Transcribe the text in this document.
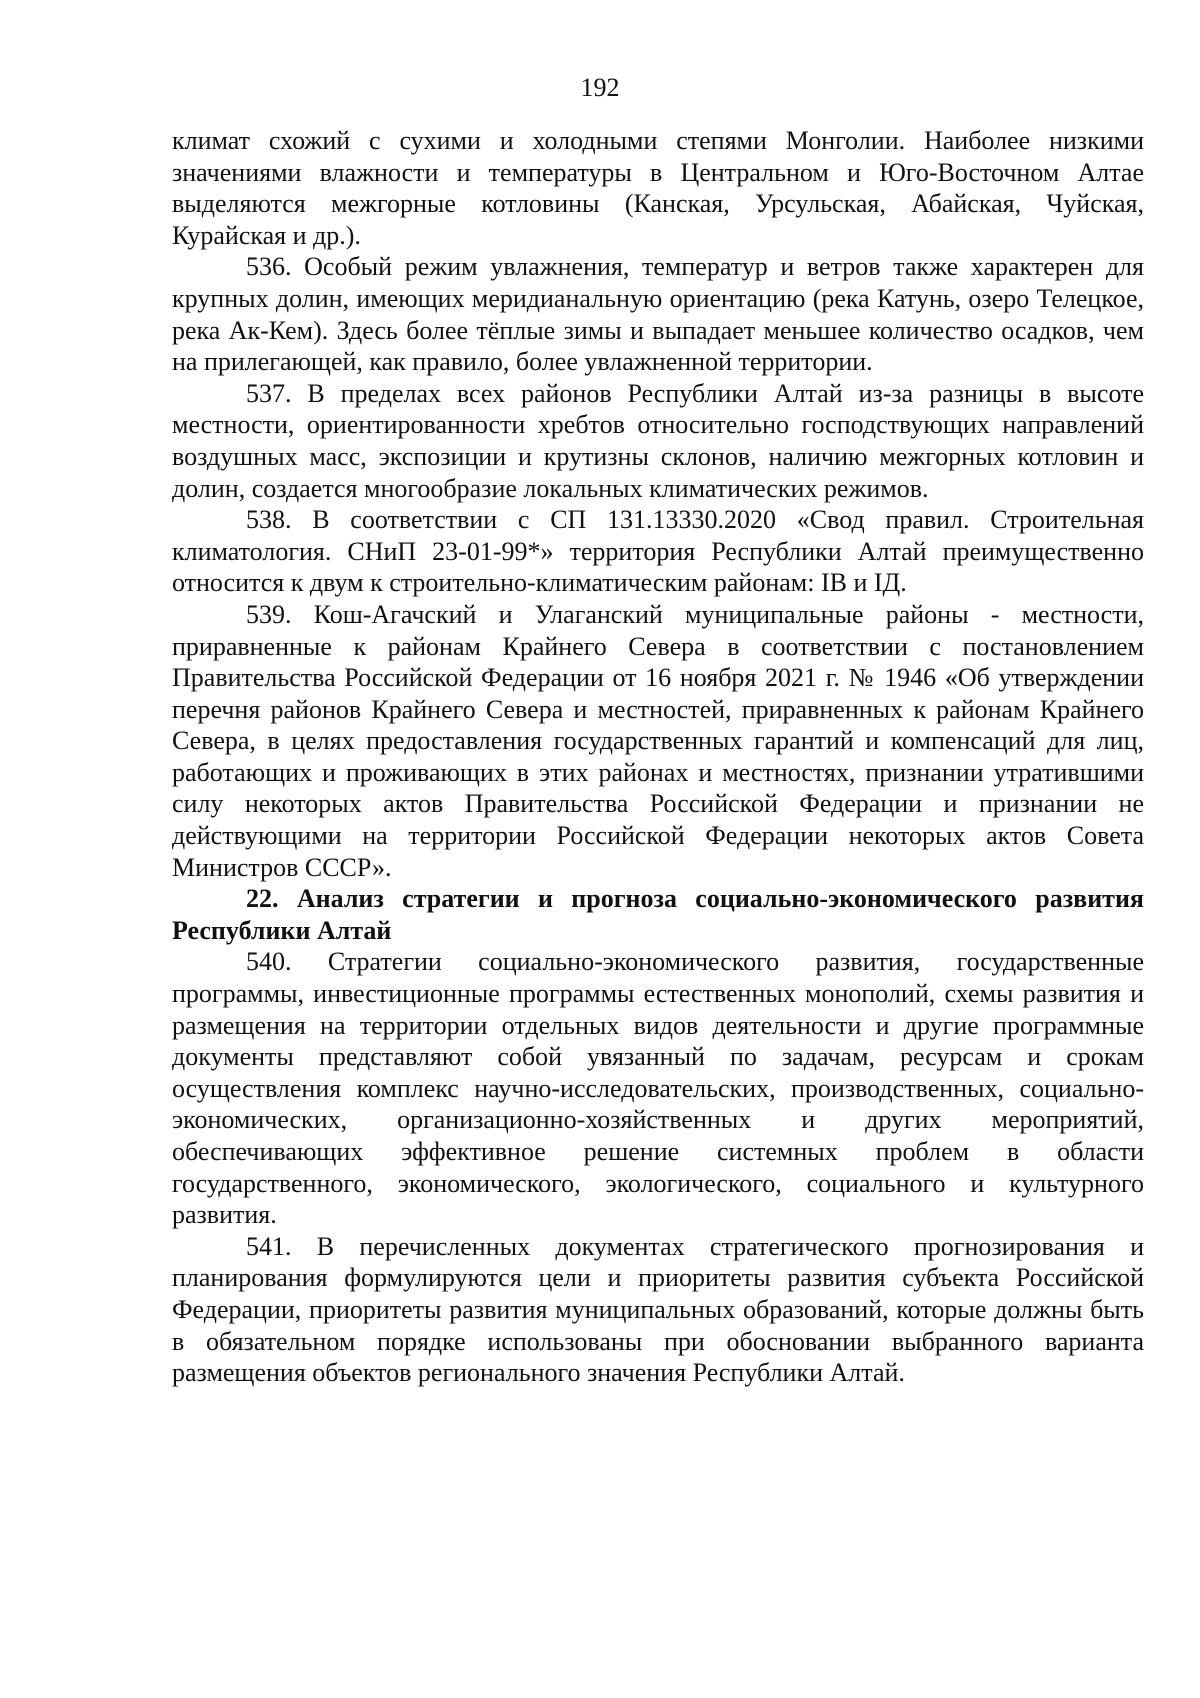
192

климат схожий с сухими и холодными степями Монголии. Наиболее низкими значениями влажности и температуры в Центральном и Юго-Восточном Алтае выделяются межгорные котловины (Канская, Урсульская, Абайская, Чуйская, Курайская и др.).

536. Особый режим увлажнения, температур и ветров также характерен для крупных долин, имеющих меридианальную ориентацию (река Катунь, озеро Телецкое, река Ак-Кем). Здесь более тёплые зимы и выпадает меньшее количество осадков, чем на прилегающей, как правило, более увлажненной территории.

537. В пределах всех районов Республики Алтай из-за разницы в высоте местности, ориентированности хребтов относительно господствующих направлений воздушных масс, экспозиции и крутизны склонов, наличию межгорных котловин и долин, создается многообразие локальных климатических режимов.

538. В соответствии с СП 131.13330.2020 «Свод правил. Строительная климатология. СНиП 23-01-99*» территория Республики Алтай преимущественно относится к двум к строительно-климатическим районам: IВ и IД.

539. Кош-Агачский и Улаганский муниципальные районы - местности, приравненные к районам Крайнего Севера в соответствии с постановлением Правительства Российской Федерации от 16 ноября 2021 г. № 1946 «Об утверждении перечня районов Крайнего Севера и местностей, приравненных к районам Крайнего Севера, в целях предоставления государственных гарантий и компенсаций для лиц, работающих и проживающих в этих районах и местностях, признании утратившими силу некоторых актов Правительства Российской Федерации и признании не действующими на территории Российской Федерации некоторых актов Совета Министров СССР».

22. Анализ стратегии и прогноза социально-экономического развития Республики Алтай

540. Стратегии социально-экономического развития, государственные программы, инвестиционные программы естественных монополий, схемы развития и размещения на территории отдельных видов деятельности и другие программные документы представляют собой увязанный по задачам, ресурсам и срокам осуществления комплекс научно-исследовательских, производственных, социально-экономических, организационно-хозяйственных и других мероприятий, обеспечивающих эффективное решение системных проблем в области государственного, экономического, экологического, социального и культурного развития.

541. В перечисленных документах стратегического прогнозирования и планирования формулируются цели и приоритеты развития субъекта Российской Федерации, приоритеты развития муниципальных образований, которые должны быть в обязательном порядке использованы при обосновании выбранного варианта размещения объектов регионального значения Республики Алтай.
